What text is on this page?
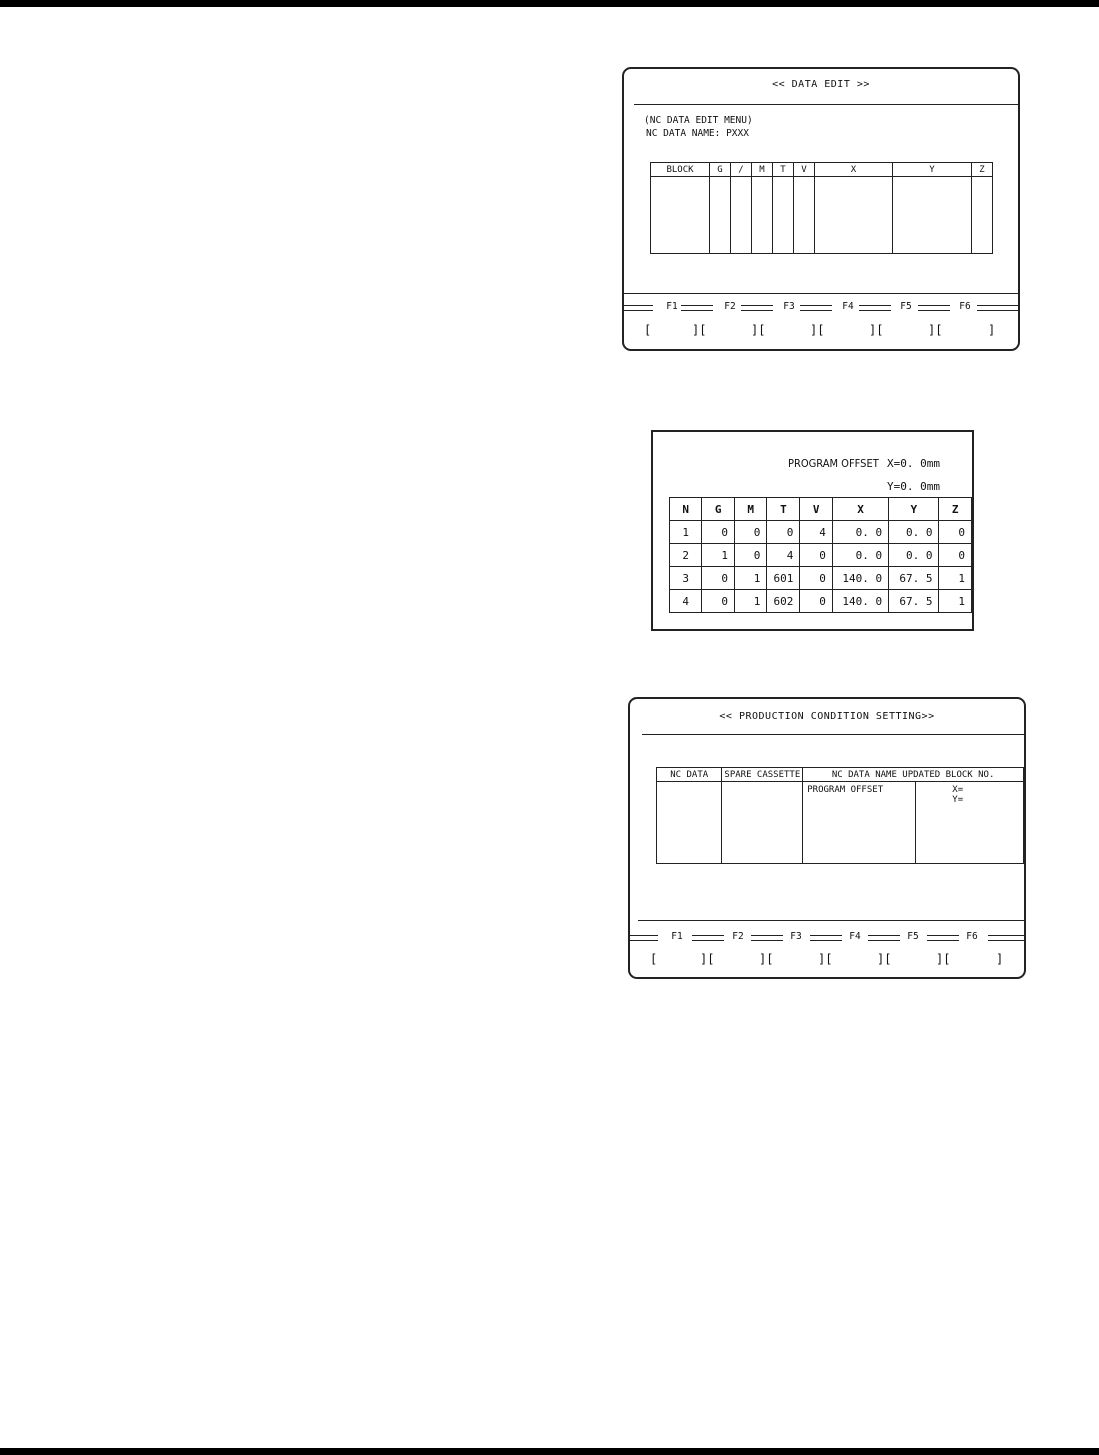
<< DATA EDIT >>
(NC DATA EDIT MENU)
NC DATA NAME: PXXX
BLOCK	G	/	M	T	V	X	Y	Z

F1	F2	F3	F4	F5	F6
[	][	][	][	][	][	]
PROGRAM OFFSET X=0. 0mm
Y=0. 0mm
N	G	M	T	V	X	Y	Z
1	0	0	0	4	0. 0	0. 0	0
2	1	0	4	0	0. 0	0. 0	0
3	0	1	601	0	140. 0	67. 5	1
4	0	1	602	0	140. 0	67. 5	1
<< PRODUCTION CONDITION SETTING>>
NC DATA	SPARE CASSETTE	NC DATA NAME UPDATED BLOCK NO.	
		PROGRAM OFFSET	X=
Y=
F1	F2	F3	F4	F5	F6
[	][	][	][	][	][	]
